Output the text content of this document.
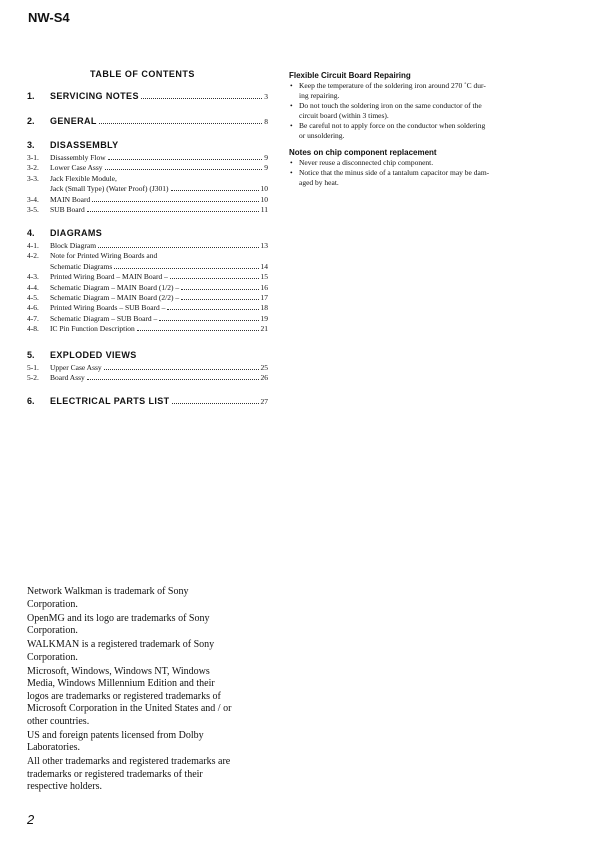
NW-S4
TABLE OF CONTENTS
1.	SERVICING NOTES	3
2.	GENERAL	8
3.	DISASSEMBLY
3-1.	Disassembly Flow	9
3-2.	Lower Case Assy	9
3-3.	Jack Flexible Module,
Jack (Small Type) (Water Proof) (J301)	10
3-4.	MAIN Board	10
3-5.	SUB Board	11
4.	DIAGRAMS
4-1.	Block Diagram	13
4-2.	Note for Printed Wiring Boards and
Schematic Diagrams	14
4-3.	Printed Wiring Board – MAIN Board –	15
4-4.	Schematic Diagram – MAIN Board (1/2) –	16
4-5.	Schematic Diagram – MAIN Board (2/2) –	17
4-6.	Printed Wiring Boards – SUB Board –	18
4-7.	Schematic Diagram – SUB Board –	19
4-8.	IC Pin Function Description	21
5.	EXPLODED VIEWS
5-1.	Upper Case Assy	25
5-2.	Board Assy	26
6.	ELECTRICAL PARTS LIST	27
Flexible Circuit Board Repairing
• Keep the temperature of the soldering iron around 270 ˚C dur-
ing repairing.
• Do not touch the soldering iron on the same conductor of the
circuit board (within 3 times).
• Be careful not to apply force on the conductor when soldering
or unsoldering.
Notes on chip component replacement
• Never reuse a disconnected chip component.
• Notice that the minus side of a tantalum capacitor may be dam-
aged by heat.

Network Walkman is trademark of Sony
Corporation.

OpenMG and its logo are trademarks of Sony
Corporation.

WALKMAN is a registered trademark of Sony
Corporation.

Microsoft, Windows, Windows NT, Windows
Media, Windows Millennium Edition and their
logos are trademarks or registered trademarks of
Microsoft Corporation in the United States and / or
other countries.

US and foreign patents licensed from Dolby
Laboratories.

All other trademarks and registered trademarks are
trademarks or registered trademarks of their
respective holders.

2
